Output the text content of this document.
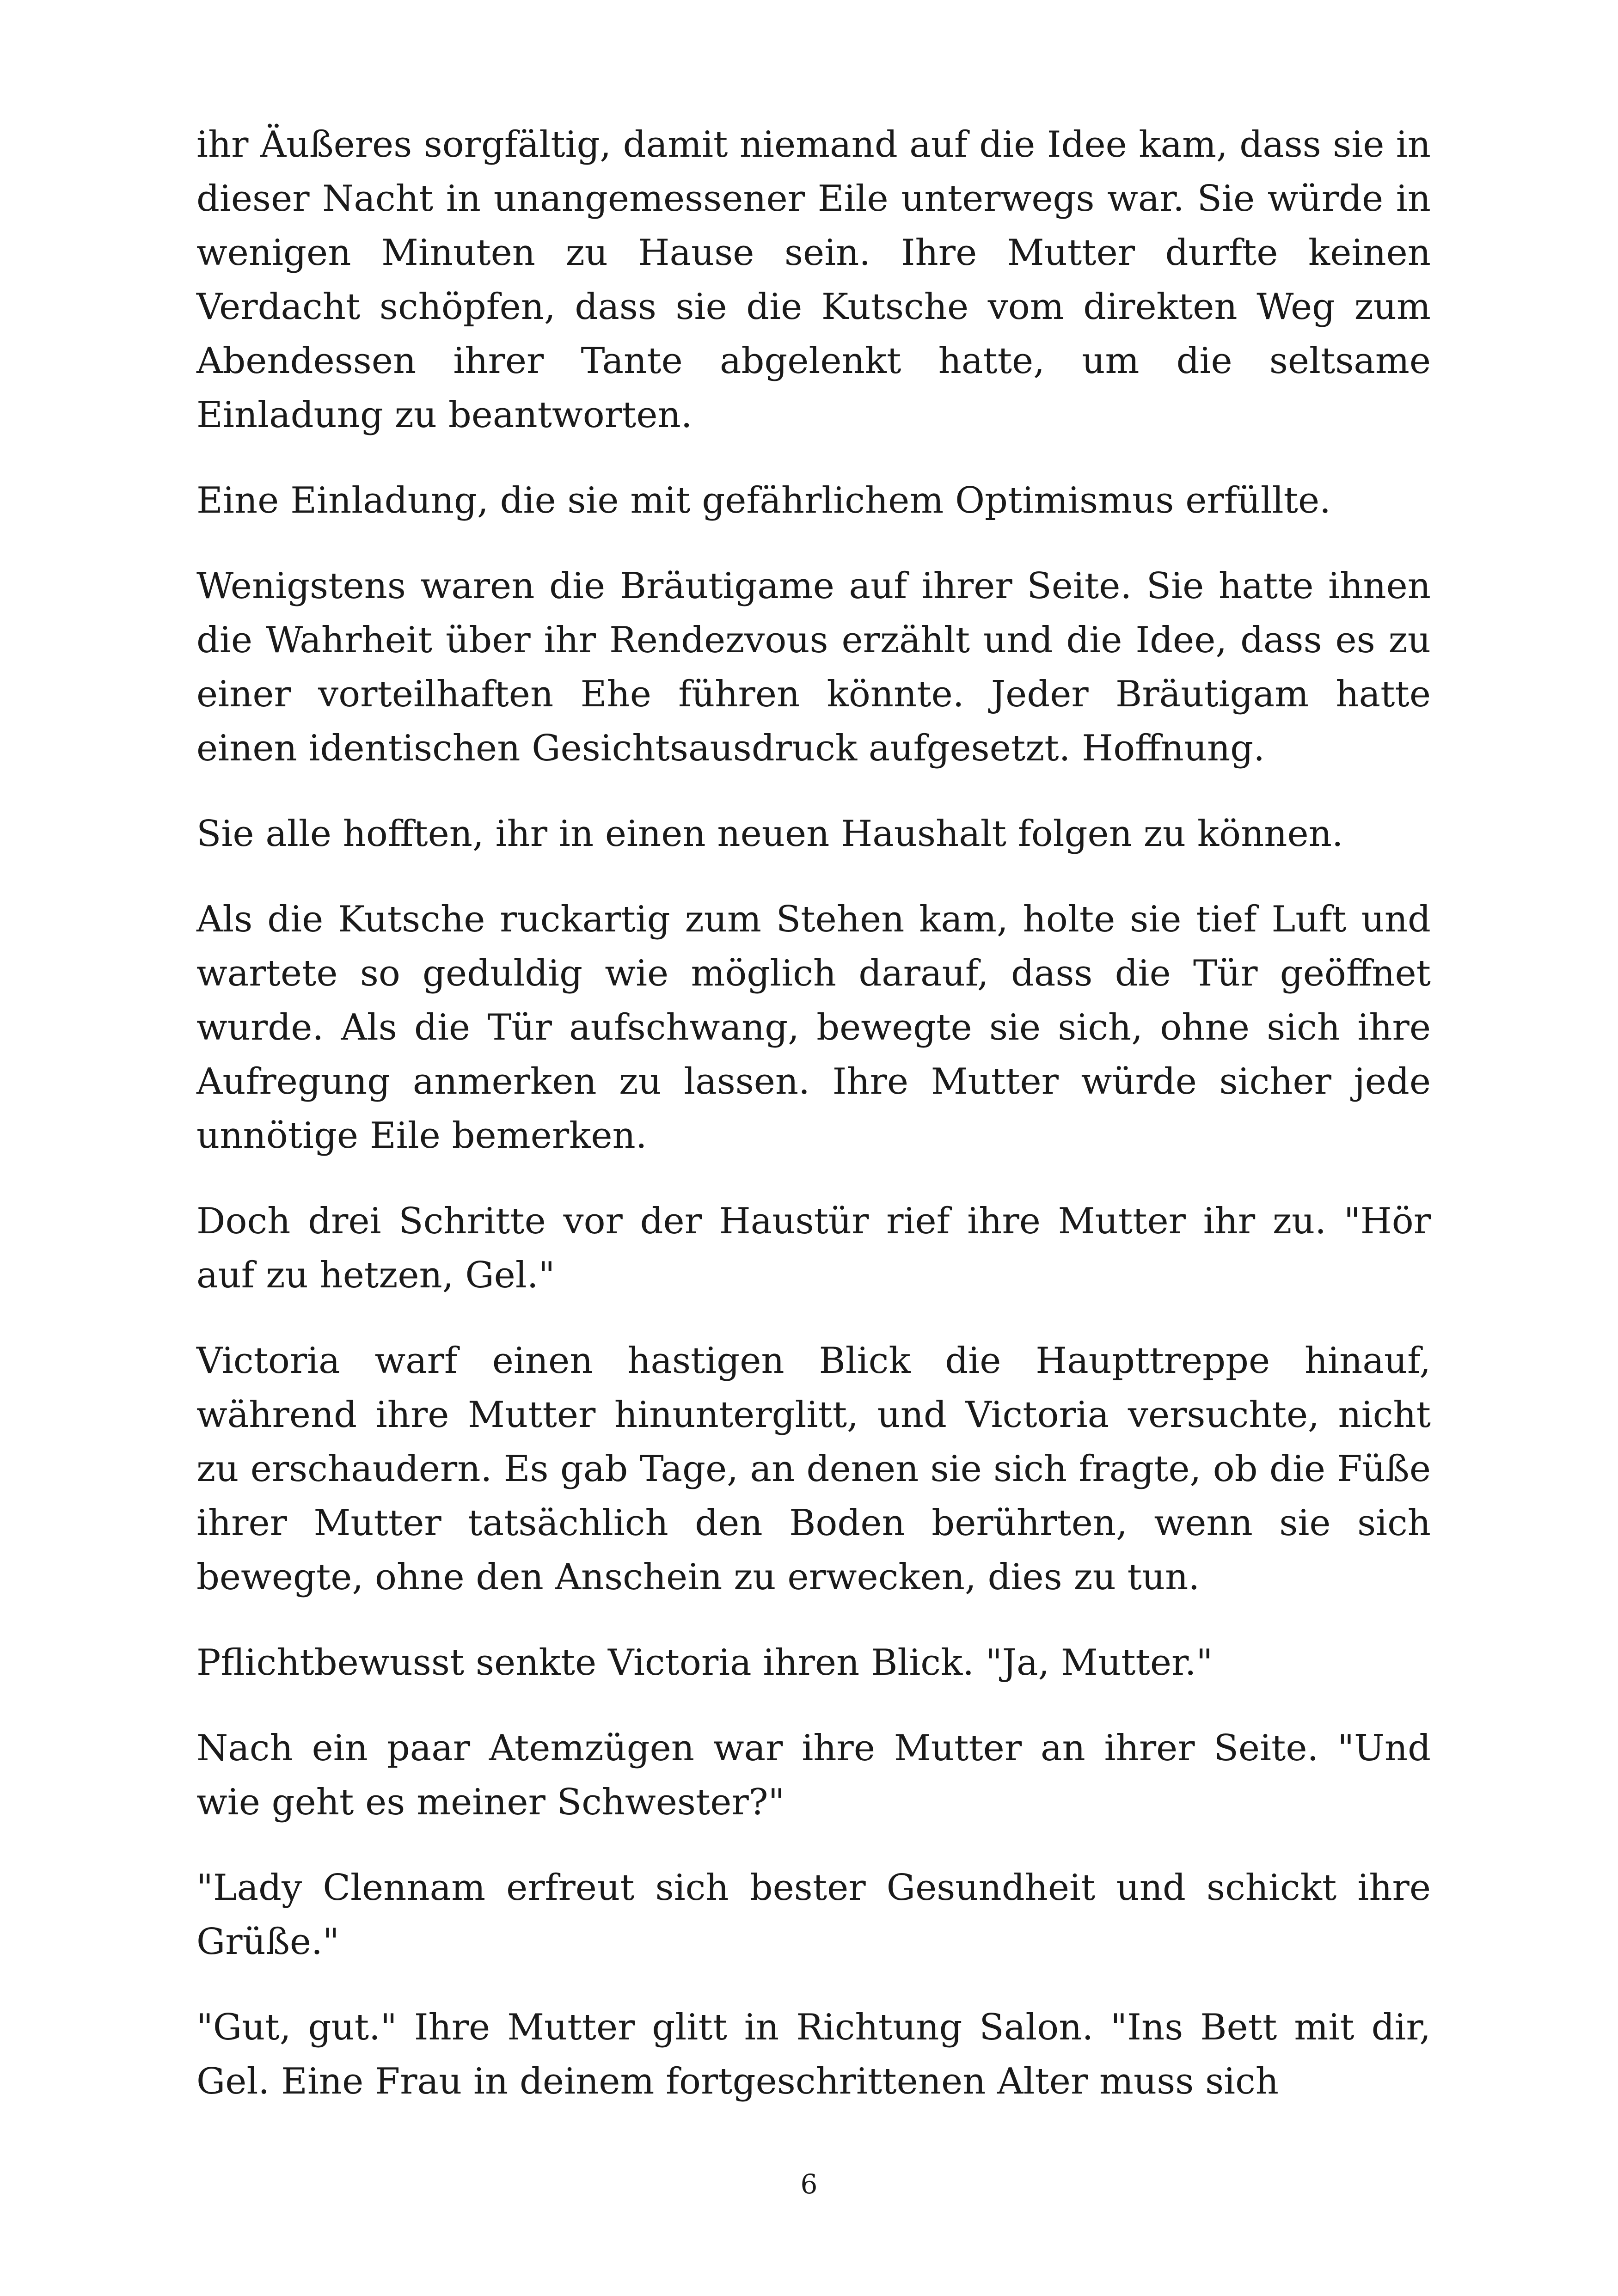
ihr Äußeres sorgfältig, damit niemand auf die Idee kam, dass sie in dieser Nacht in unangemessener Eile unterwegs war. Sie würde in wenigen Minuten zu Hause sein. Ihre Mutter durfte keinen Verdacht schöpfen, dass sie die Kutsche vom direkten Weg zum Abendessen ihrer Tante abgelenkt hatte, um die seltsame Einladung zu beantworten.

Eine Einladung, die sie mit gefährlichem Optimismus erfüllte.

Wenigstens waren die Bräutigame auf ihrer Seite. Sie hatte ihnen die Wahrheit über ihr Rendezvous erzählt und die Idee, dass es zu einer vorteilhaften Ehe führen könnte. Jeder Bräutigam hatte einen identischen Gesichtsausdruck aufgesetzt. Hoffnung.

Sie alle hofften, ihr in einen neuen Haushalt folgen zu können.

Als die Kutsche ruckartig zum Stehen kam, holte sie tief Luft und wartete so geduldig wie möglich darauf, dass die Tür geöffnet wurde. Als die Tür aufschwang, bewegte sie sich, ohne sich ihre Aufregung anmerken zu lassen. Ihre Mutter würde sicher jede unnötige Eile bemerken.

Doch drei Schritte vor der Haustür rief ihre Mutter ihr zu. "Hör auf zu hetzen, Gel."

Victoria warf einen hastigen Blick die Haupttreppe hinauf, während ihre Mutter hinunterglitt, und Victoria versuchte, nicht zu erschaudern. Es gab Tage, an denen sie sich fragte, ob die Füße ihrer Mutter tatsächlich den Boden berührten, wenn sie sich bewegte, ohne den Anschein zu erwecken, dies zu tun.

Pflichtbewusst senkte Victoria ihren Blick. "Ja, Mutter."

Nach ein paar Atemzügen war ihre Mutter an ihrer Seite. "Und wie geht es meiner Schwester?"

"Lady Clennam erfreut sich bester Gesundheit und schickt ihre Grüße."

"Gut, gut." Ihre Mutter glitt in Richtung Salon. "Ins Bett mit dir, Gel. Eine Frau in deinem fortgeschrittenen Alter muss sich

6
